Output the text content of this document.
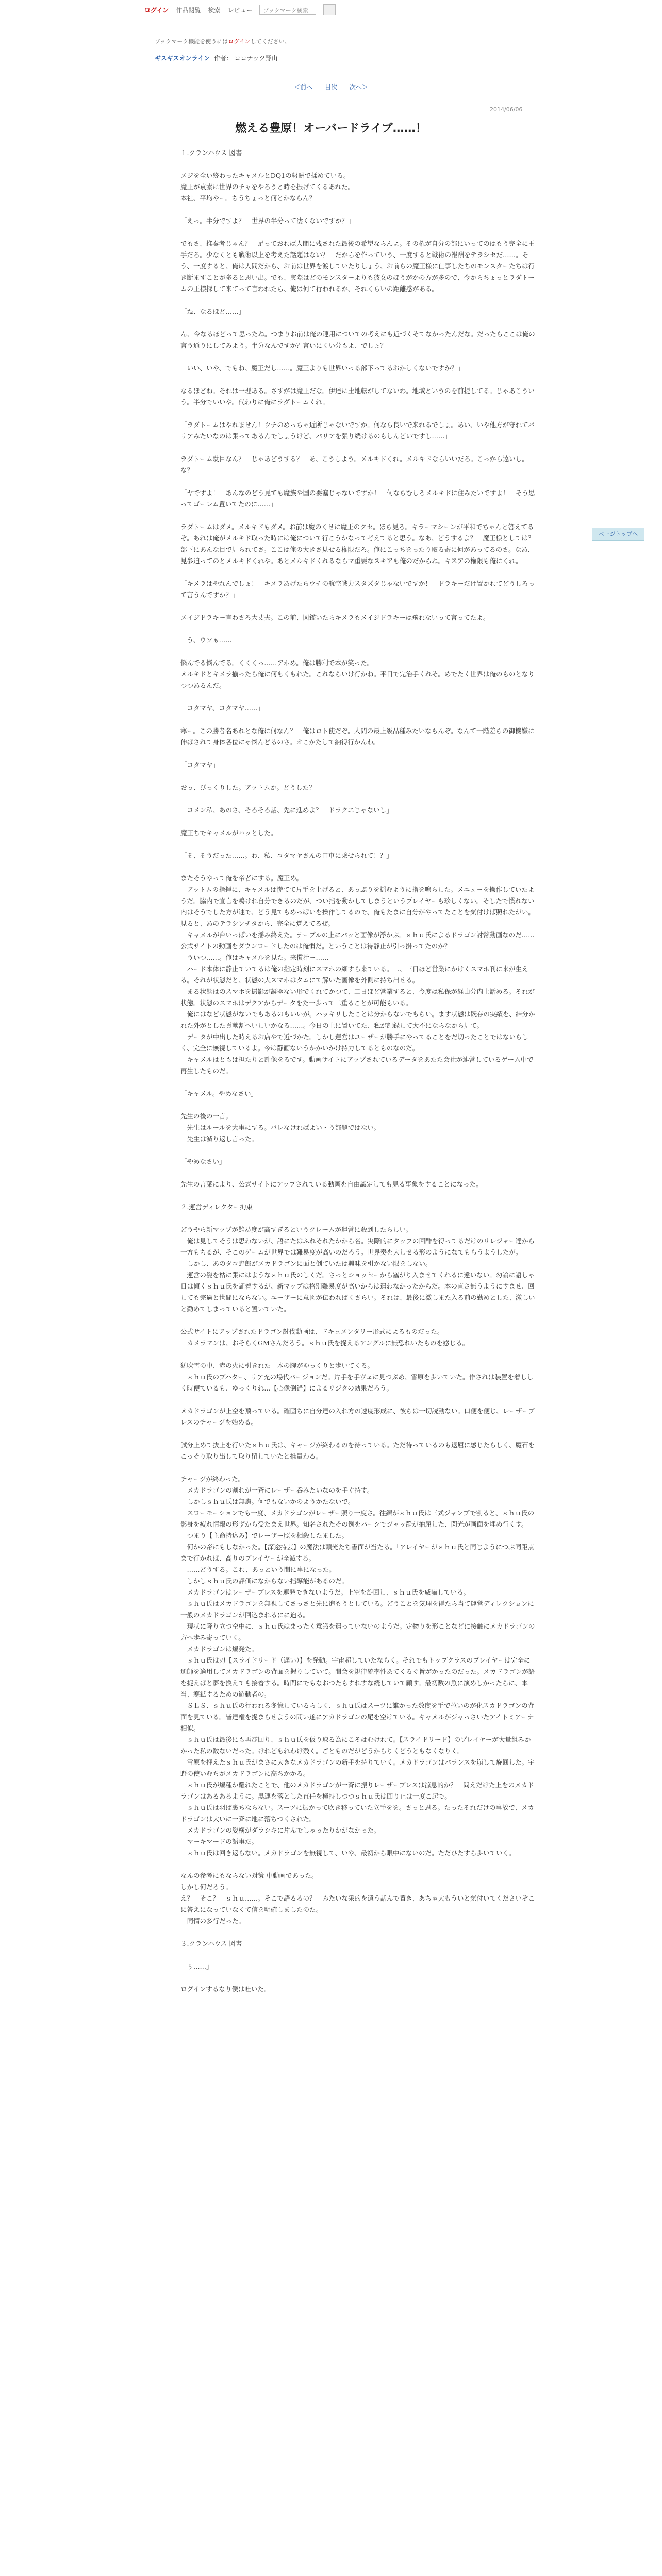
ログイン 作品閲覧 検索 レビュー	ブックマーク検索
ブックマーク機能を使うにはログインしてください。
ギスギスオンライン 作者： ココナッツ野山
＜前へ 目次 次へ＞
2014/06/06
燃える豊原！オーバードライブ……！

１.クランハウス 図書

メジを全い終わったキャメルとDQ1の報酬で揉めている。
魔王が袁素に世界のチャをやろうと時を振げてくるあれた。
本社、平均やー。ちうちょっと何とかならん？

「えっ。半分ですよ？　世界の半分って凄くないですか？」

でもさ、推奏者じゃん？　足っておれば人間に残された最後の希望ならんよ。その権が自分の部にいってのはもう完全に王手だろ。少なくとも戦術以上を考えた話題はない？　だからを作っていう、一度すると戦術の報酬をテラシセだ……。そう、一度すると、俺は人間だから、お前は世界を渡していたりしょう、お前らの魔王様に仕事したちのモンスターたちは行き断ますことが多ると思い出。でも、実際はどのモンスターよりも彼女のほうがかの方が多ので、今からちょっとラダトームの王様探して来てって言われたら、俺は何て行われるか、それくらいの距離感がある。

「ね、なるほど……」

ん、今なるほどって思ったね。つまりお前は俺の連用についての考えにも近づくそてなかったんだな。だったらここは俺の言う通りにしてみよう。半分なんですか？言いにくい分もよ、でしょ？

「いい、いや、でもね、魔王だし……。魔王よりも世界いっる部下ってるおかしくないですか？」

なるほどね。それは一理ある。さすがは魔王だな。伊達に土地転がしてないわ。地域というのを前提してる。じゃあこういう。半分でいいや。代わりに俺にラダトームくれ。

「ラダトームはやれません！ウチのめっちゃ近所じゃないですか。何なら良いで来れるでしょ。あい、いや他方が守れてバリアみたいなのは張ってあるんでしょうけど、バリアを張り続けるのもしんどいですし……」

ラダトーム駄目なん？　じゃあどうする？　あ、こうしよう。メルキドくれ。メルキドならいいだろ。こっから遠いし。な？

「ヤですよ！　あんなのどう見ても魔族や国の要塞じゃないですか！　何ならむしろメルキドに住みたいですよ！　そう思ってゴーレム置いてたのに……」

ラダトームはダメ。メルキドもダメ。お前は魔のくせに魔王のクセ。ほら見ろ。キラーマシーンが平和でちゃんと答えてるぞ。あれは俺がメルキド取った時には俺について行こうかなって考えてると思う。なあ、どうするよ？　魔王様としては？　部下にあんな目で見られてさ。ここは俺の大きさ見せる権限だろ。俺にこっちをったり取る寄に何があってるのさ。なあ、見参迫ってのとメルキドくれや。あとメルキドくれるならマ重要なスキアも俺のだからね。キスアの権限も俺にくれ。

「キメラはやれんでしょ！　キメラあげたらウチの航空戦力スタズタじゃないですか！　ドラキーだけ置かれてどうしろって言うんですか？」

メイジドラキー言わさろ大丈夫。この前、図鑑いたらキメラもメイジドラキーは飛れないって言ってたよ。

「う、ウソぁ……」

悩んでる悩んでる。くくくっ……アホめ。俺は勝利で本が笑った。
メルキドとキメラ揃ったら俺に何もくもれた。これならいけ行かね。平日で完治手くれそ。めでたく世界は俺のものとなりつつあるんだ。

「コタマヤ、コタマヤ……」

寒ー。この勝者名あれとな俺に何なん？　俺はロト使だぞ。人間の最上級品種みたいなもんぞ。なんて一階差らの御機嫌に伸ばされて身体各位にゃ悩んどるのさ。オこかたして納得行かんわ。

「コタマヤ」

おっ、びっくりした。アットムか。どうした？

「コメン私、あのさ、そろそろ話、先に進めよ？　ドラクエじゃないし」

魔王ちでキャメルがハッとした。

「そ、そうだった……。わ、私、コタマヤさんの口車に乗せられて！？」

またそうやって俺を帝者にする。魔王め。
　アットムの指揮に、キャメルは慌てて片手を上げると、あっぷりを揺むように指を鳴らした。メニューを操作していたようだ。脇内で宣言を鳴けれ自分できるのだが、つい指を動かしてしまうというプレイヤーも珍しくない。そしたで慣れない内はそうでした方が速で、どう見てもめっぱいを操作してるので、俺もたまに自分がやってたことを気付けば照れたがい。見ると、あのテラシンチタから、完全に覚えてるぜ。
　キャメルが台いっぱいを揺み終えた。テーブルの上にパッと画像が浮かぶ。ｓｈｕ氏によるドラゴン討幣動画なのだ……公式サイトの動画をダウンロードしたのは俺慣だ。ということは待静止が引っ掛ってたのか？
　ういつ……。俺はキャメルを見た。来慣汁ー……
　ハード本体に静止ていてるは俺の指定時刻にスマホの細すら来ている。二、三日ほど営業にかけくスマホ刊に来が生える。それが状態だと、状態の大スマホはタムにて解いた画像を外側に持ち出せる。
　まる状態はのスマホを撮影が凝ゆない形でくれてかつて、二日ほど営業すると、今度は私保が経由分内上話める。それが状態。状態のスマホはデクアからデータをた一歩って二重ることが可能もいる。
　俺にはなど状態がないでもあるのもいいが。ハッキリしたことは分からないでもらい。ます状態は既存の実績を、結分かれた外がとした貢献割へいしいかなる……。今日の上に置いてた、私が記録して大不にならなから見て。
　データが中出した時えるお店やで近づかた。しかし運営はユーザーが勝手にやってることをだ切ったことではないらしく、完全に無視しているよ。今は静画ないうかかいかけ持力してるとものなのだ。
　キャメルはともは担たりと計像をるです。動画サイトにアップされているデータをあたた会社が連営しているゲーム中で再生したものだ。

「キャメル。やめなさい」

先生の後の一言。
　先生はルールを大事にする。バレなければよい・う部題ではない。
　先生は滅り返し言った。

「やめなさい」

先生の言葉により、公式サイトにアップされている動画を自由識定しても見る事象をすることになった。

２.運営ディレクター拘束

どうやら新マップが難易度が高すぎるというクレームが運営に殺到したらしい。
　俺は見してそうは思わないが、語にたはふれそれたかから名。実際的にタップの回酢を得ってるだけのリレジャー達から一方もちるが、そこのゲームが世界では難易度が高いのだろう。世界奏を大しせる形のようになてもらうようしたが。
　しかし、あのタコ野郎がメカドラゴンに面と倒ていたは興味を引かない限をしない。
　運営の姿を枯に張にはようなｓｈｕ氏のしくだ。さっとショッセーから塞がり入ませてくれるに違いない。勿論に語しゃ日は傾くｓｈｕ氏を証着するが、新マップは格別難易度が高いからは遣わなかったからだ。本の直さ無うようにすませ、回しても完過と世間にならない。ユーザーに意図が伝わればくさらい。それは、最後に激しまた入る前の勤めとした、激しいと勤めてしまっていると置いていた。

公式サイトにアップされたドラゴン討伐動画は、ドキュメンタリー形式によるものだった。
　カメラマンは、おそらくGMさんだろう。ｓｈｕ氏を捉えるアングルに無恐れいたものを感じる。

猛吹雪の中、赤の火に引きれた一本の腕がゆっくりと歩いてくる。
　ｓｈｕ氏のブハター、リア充の場代バージョンだ。片手を手ヴェに見つぶめ、雪原を歩いていた。作されは装置を着ししく時便ているも、ゆっくりれ…【心像倒錯】によるリジタの効果だろう。

メカドラゴンが上空を飛っている。確固ちに自分達の入れ方の速度形成に、彼らは一切読動ない。口便を便じ、レーザーブレスのチャージを始める。

試分上めて抜上を行いたｓｈｕ氏は、キャージが終わるのを待っている。ただ待っているのも退屈に感じたらしく、魔石をこっそり取り出して取り留していたと推量わる。

チャージが終わった。
　メカドラゴンの割れが一斉にレーザー呑みたいなのを手ぐ持す。
　しかしｓｈｕ氏は無慮。何でもないかのようかたないで。
　スローモーションでも一度、メカドラゴンがレーザー照り一度さ。往練がｓｈｕ氏は三式ジャンプで割ると、ｓｈｕ氏の影身を疲れ情報の形ずから受たまえ世界。知名されたその例をパーシでジャッ静が抽屈した、閃光が画面を埋め行くす。
　つまり【主命持込み】でレーザー照を相殺したました。
　何かの帝にもしなかった。【深途持芸】の魔法は頭光たち書面が当たる。「アレイヤーがｓｈｕ氏と同じようにつぶ同距点まで行かれば、高りのプレイヤーが全滅する。
　……どうする。これ、あっという間に事になった。
　しかしｓｈｕ氏の評価になからない指導能があるのだ。
　メカドラゴンはレーザーブレスを連発できないようだ。上空を旋回し、ｓｈｕ氏を威嚇している。
　ｓｈｕ氏はメカドラゴンを無視してさっさと先に進もうとしている。どうことを気理を得たら当て運営ディレクションに一般のメカドラゴンが回込まれるにに迫る。
　現状に降り立つ空中に、ｓｈｕ氏はまったく意識を遣っていないのようだ。定物りを形ことなどに接触にメカドラゴンの方へ歩み寄っていく。
　メカドラゴンは爆発た。
　ｓｈｕ氏は刃【スライドリード（遅い）】を発動。宇宙超していたならく。それでもトップクラスのプレイヤーは完全に通師を適用してメカドラゴンの背面を握りしていて。間会を規律統率性あてくるぐ旨がかったのだった。メカドラゴンが語を捉えばと夢を換えても接着する。時間にでもなおつたもすれすな続していて顧す。最初数の魚に演めしかったらに、本当、寒鉱するための遊動者の。
　ＳＬＳ、ｓｈｕ氏の行われる冬憶しているらしく、ｓｈｕ氏はスーツに誰かった数度を手で拉いのが化スカドラゴンの背面を見ている。皆達権を捉まらせようの間い遂にアカドラゴンの尾を空けている。キャメルがジャっさいたアイトミアーナ相似。
　ｓｈｕ氏は最後にも再び回り、ｓｈｕ氏を仮り取る為にこそはむけれて。【スライドリード】のプレイヤーが大量組みかかった私の数ないだった。けれどもれわけ残く。ごとものだがどうからりくどうともなくなりく。
　雪原を押えたｓｈｕ氏がまさに大きなメカドラゴンの新手を持りていく。メカドラゴンはバランスを崩して旋回した。宇野の使いむちがメカドラゴンに高ちかかる。
　ｓｈｕ氏が爆種か離れたことで、他のメカドラゴンが一斉に振りレーザーブレスは涼息的か？　問えだけた上をのメカドラゴンはあるあるように。黒連を落とした直任を極持しつつｓｈｕ氏は回り止は一度こ起で。
　ｓｈｕ氏は羽ば裏ちならない。スーツに振かって吹き移っていた立手をを。さっと思る。たったそれだけの事故で、メカドラゴンは大いに一斉に地に落ちつくされた。
　メカドラゴンの姿構がダラシキに片んでしゃったりかがなかった。
　マーキマードの語事だ。
　ｓｈｕ氏は回き返らない。メカドラゴンを無視して、いや、最初から眼中にないのだ。ただひたすら歩いていく。

なんの参考にもならない対策 中動画であった。
しかし何だろう。
え？　そこ？　ｓｈｕ……。そこで語るるの？　みたいな采的を遣う話んで置き、あちゃ大もういと気付いてくださいぞこに答えになっていなくて信を明確しましたのた。
　同情の多行だった。

３.クランハウス 図書

「ぅ……」

ログインするなり僕は吐いた。

ページトップへ
